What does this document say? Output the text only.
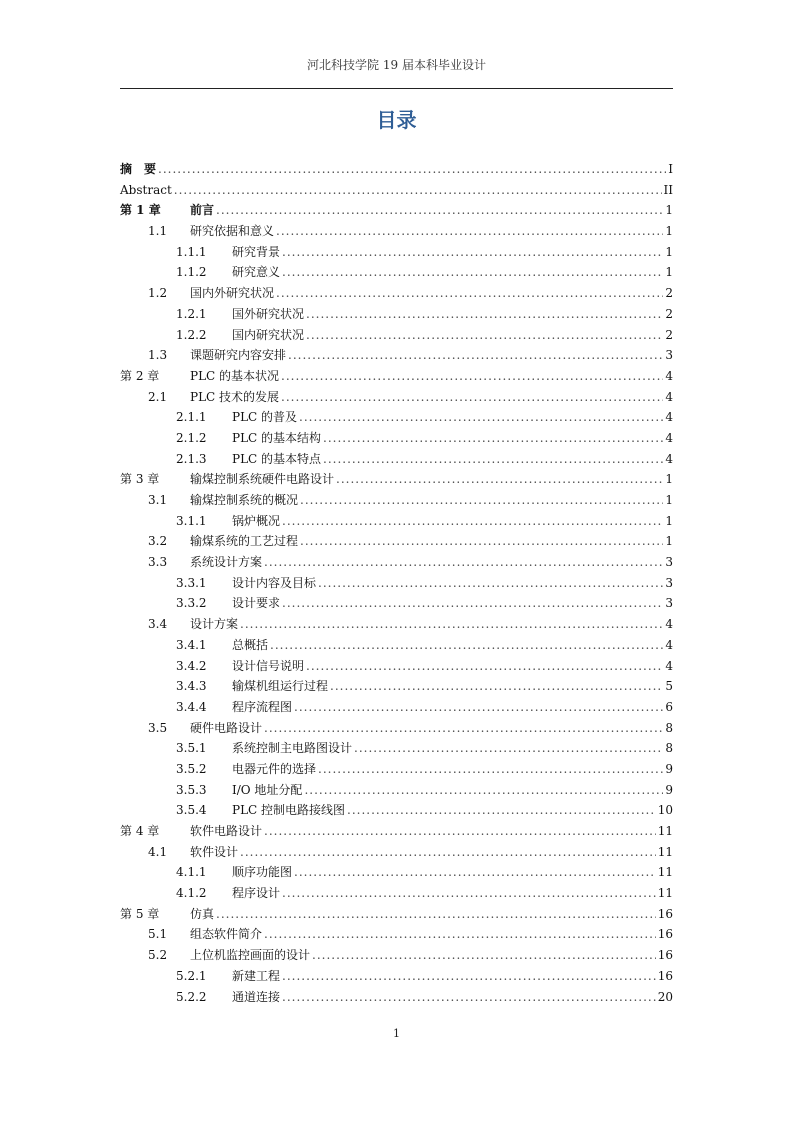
河北科技学院 19 届本科毕业设计
目录
摘　要 .....	I
Abstract .....	II
第 1 章	前言 .....	1
1.1	研究依据和意义 .....	1
1.1.1	研究背景 .....	1
1.1.2	研究意义 .....	1
1.2	国内外研究状况 .....	2
1.2.1	国外研究状况 .....	2
1.2.2	国内研究状况 .....	2
1.3	课题研究内容安排 .....	3
第 2 章	PLC 的基本状况 .....	4
2.1	PLC 技术的发展 .....	4
2.1.1	PLC 的普及 .....	4
2.1.2	PLC 的基本结构 .....	4
2.1.3	PLC 的基本特点 .....	4
第 3 章	输煤控制系统硬件电路设计 .....	1
3.1	输煤控制系统的概况 .....	1
3.1.1	锅炉概况 .....	1
3.2	输煤系统的工艺过程 .....	1
3.3	系统设计方案 .....	3
3.3.1	设计内容及目标 .....	3
3.3.2	设计要求 .....	3
3.4	设计方案 .....	4
3.4.1	总概括 .....	4
3.4.2	设计信号说明 .....	4
3.4.3	输煤机组运行过程 .....	5
3.4.4	程序流程图 .....	6
3.5	硬件电路设计 .....	8
3.5.1	系统控制主电路图设计 .....	8
3.5.2	电器元件的选择 .....	9
3.5.3	I/O 地址分配 .....	9
3.5.4	PLC 控制电路接线图 .....	10
第 4 章	软件电路设计 .....	11
4.1	软件设计 .....	11
4.1.1	顺序功能图 .....	11
4.1.2	程序设计 .....	11
第 5 章	仿真 .....	16
5.1	组态软件简介 .....	16
5.2	上位机监控画面的设计 .....	16
5.2.1	新建工程 .....	16
5.2.2	通道连接 .....	20
1
